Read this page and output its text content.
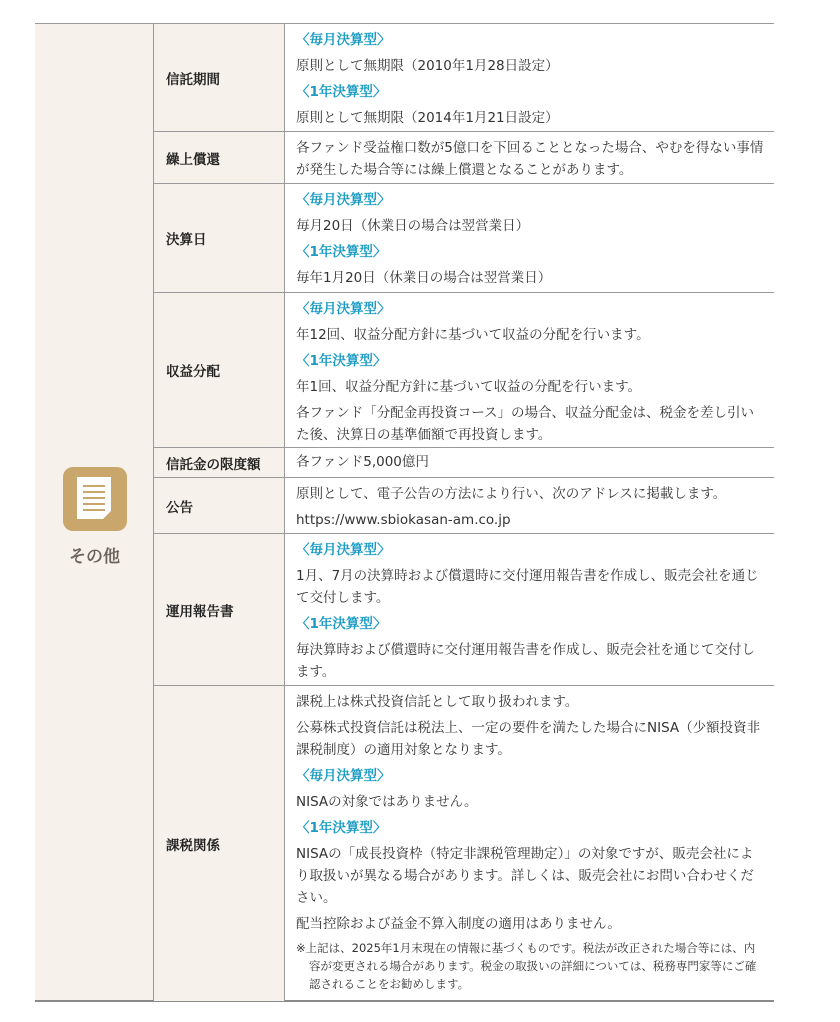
その他
信託期間
〈毎月決算型〉
原則として無期限（2010年1月28日設定）
〈1年決算型〉
原則として無期限（2014年1月21日設定）
繰上償還
各ファンド受益権口数が5億口を下回ることとなった場合、やむを得ない事情が発生した場合等には繰上償還となることがあります。
決算日
〈毎月決算型〉
毎月20日（休業日の場合は翌営業日）
〈1年決算型〉
毎年1月20日（休業日の場合は翌営業日）
収益分配
〈毎月決算型〉
年12回、収益分配方針に基づいて収益の分配を行います。
〈1年決算型〉
年1回、収益分配方針に基づいて収益の分配を行います。
各ファンド「分配金再投資コース」の場合、収益分配金は、税金を差し引いた後、決算日の基準価額で再投資します。
信託金の限度額	各ファンド5,000億円
公告
原則として、電子公告の方法により行い、次のアドレスに掲載します。
https://www.sbiokasan-am.co.jp
運用報告書
〈毎月決算型〉
1月、7月の決算時および償還時に交付運用報告書を作成し、販売会社を通じて交付します。
〈1年決算型〉
毎決算時および償還時に交付運用報告書を作成し、販売会社を通じて交付します。
課税関係
課税上は株式投資信託として取り扱われます。
公募株式投資信託は税法上、一定の要件を満たした場合にNISA（少額投資非課税制度）の適用対象となります。
〈毎月決算型〉
NISAの対象ではありません。
〈1年決算型〉
NISAの「成長投資枠（特定非課税管理勘定）」の対象ですが、販売会社により取扱いが異なる場合があります。詳しくは、販売会社にお問い合わせください。
配当控除および益金不算入制度の適用はありません。
※上記は、2025年1月末現在の情報に基づくものです。税法が改正された場合等には、内容が変更される場合があります。税金の取扱いの詳細については、税務専門家等にご確認されることをお勧めします。
